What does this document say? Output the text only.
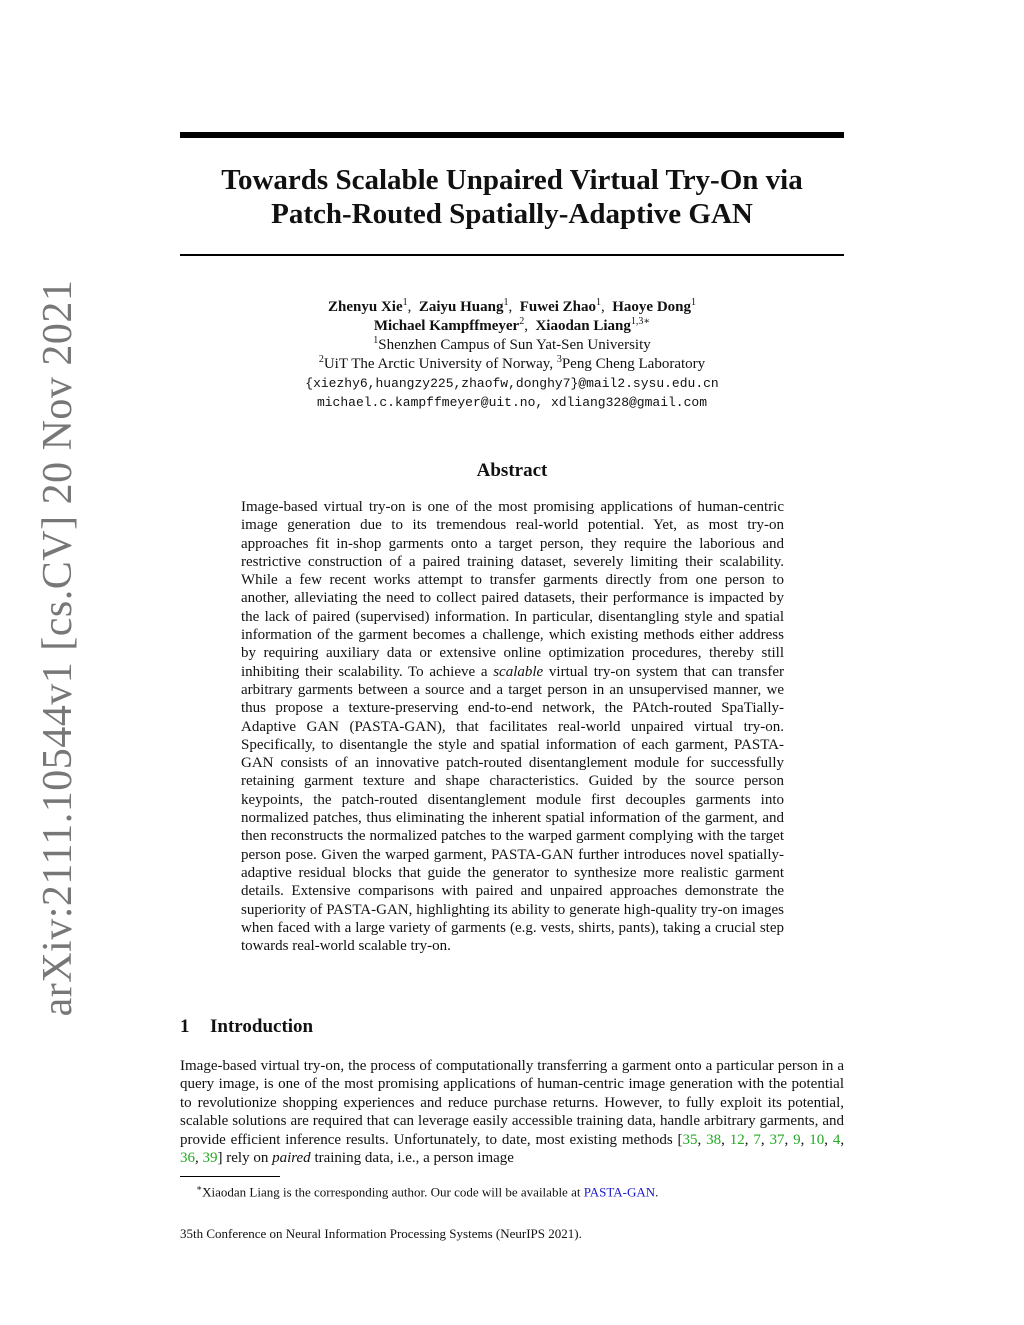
arXiv:2111.10544v1 [cs.CV] 20 Nov 2021
Towards Scalable Unpaired Virtual Try-On via
Patch-Routed Spatially-Adaptive GAN
Zhenyu Xie$^1$,  Zaiyu Huang$^1$,  Fuwei Zhao$^1$,  Haoye Dong$^1$
Michael Kampffmeyer$^2$,  Xiaodan Liang$^{1,3∗}$
$^1$Shenzhen Campus of Sun Yat-Sen University
$^2$UiT The Arctic University of Norway, $^3$Peng Cheng Laboratory
{xiezhy6,huangzy225,zhaofw,donghy7}@mail2.sysu.edu.cn
michael.c.kampffmeyer@uit.no, xdliang328@gmail.com
Abstract

Image-based virtual try-on is one of the most promising applications of human-centric image generation due to its tremendous real-world potential. Yet, as most try-on approaches fit in-shop garments onto a target person, they require the laborious and restrictive construction of a paired training dataset, severely limiting their scalability. While a few recent works attempt to transfer garments directly from one person to another, alleviating the need to collect paired datasets, their performance is impacted by the lack of paired (supervised) information. In particular, disentangling style and spatial information of the garment becomes a challenge, which existing methods either address by requiring auxiliary data or extensive online optimization procedures, thereby still inhibiting their scalability. To achieve a scalable virtual try-on system that can transfer arbitrary garments between a source and a target person in an unsupervised manner, we thus propose a texture-preserving end-to-end network, the PAtch-routed SpaTially-Adaptive GAN (PASTA-GAN), that facilitates real-world unpaired virtual try-on. Specifically, to disentangle the style and spatial information of each garment, PASTA-GAN consists of an innovative patch-routed disentanglement module for successfully retaining garment texture and shape characteristics. Guided by the source person keypoints, the patch-routed disentanglement module first decouples garments into normalized patches, thus eliminating the inherent spatial information of the garment, and then reconstructs the normalized patches to the warped garment complying with the target person pose. Given the warped garment, PASTA-GAN further introduces novel spatially-adaptive residual blocks that guide the generator to synthesize more realistic garment details. Extensive comparisons with paired and unpaired approaches demonstrate the superiority of PASTA-GAN, highlighting its ability to generate high-quality try-on images when faced with a large variety of garments (e.g. vests, shirts, pants), taking a crucial step towards real-world scalable try-on.

1 Introduction

Image-based virtual try-on, the process of computationally transferring a garment onto a particular person in a query image, is one of the most promising applications of human-centric image generation with the potential to revolutionize shopping experiences and reduce purchase returns. However, to fully exploit its potential, scalable solutions are required that can leverage easily accessible training data, handle arbitrary garments, and provide efficient inference results. Unfortunately, to date, most existing methods [35, 38, 12, 7, 37, 9, 10, 4, 36, 39] rely on paired training data, i.e., a person image

∗Xiaodan Liang is the corresponding author. Our code will be available at PASTA-GAN.

35th Conference on Neural Information Processing Systems (NeurIPS 2021).
